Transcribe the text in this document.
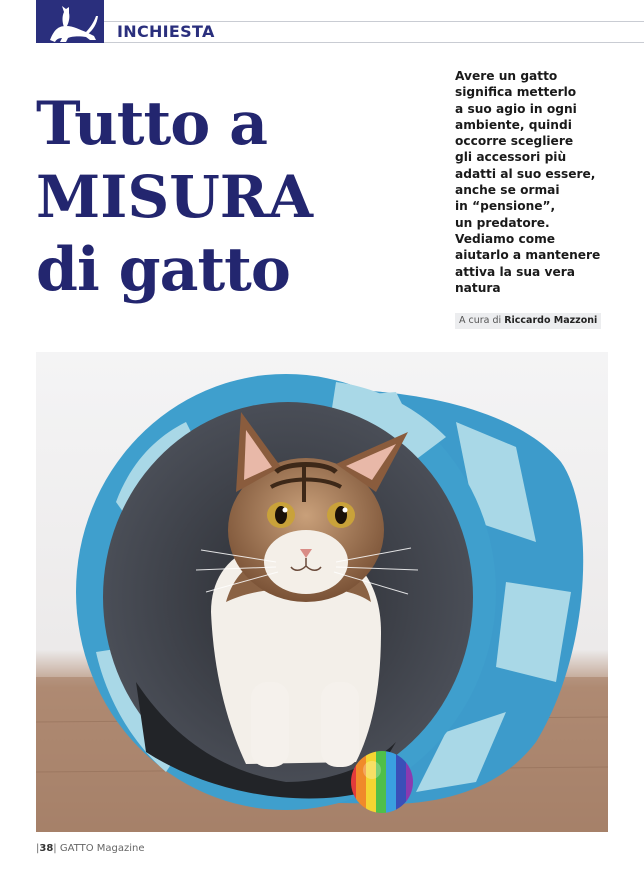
INCHIESTA
Tutto a
MISURA
di gatto
Avere un gatto
significa metterlo
a suo agio in ogni
ambiente, quindi
occorre scegliere
gli accessori più
adatti al suo essere,
anche se ormai
in “pensione”,
un predatore.
Vediamo come
aiutarlo a mantenere
attiva la sua vera
natura
A cura di Riccardo Mazzoni
|38| GATTO Magazine
